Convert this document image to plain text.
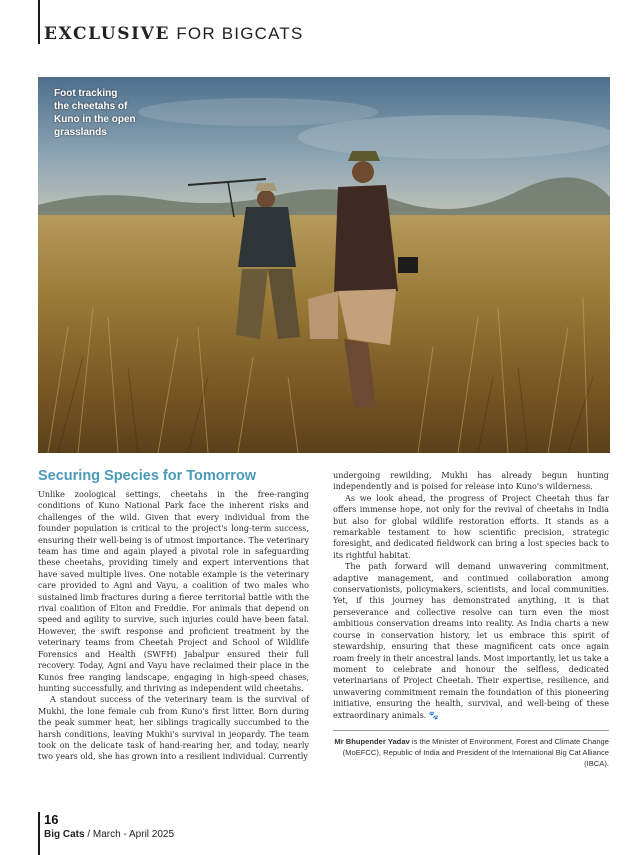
EXCLUSIVE FOR BIGCATS
Foot tracking
the cheetahs of
Kuno in the open
grasslands
Securing Species for Tomorrow

Unlike zoological settings, cheetahs in the free-ranging conditions of Kuno National Park face the inherent risks and challenges of the wild. Given that every individual from the founder population is critical to the project's long-term success, ensuring their well-being is of utmost importance. The veterinary team has time and again played a pivotal role in safeguarding these cheetahs, providing timely and expert interventions that have saved multiple lives. One notable example is the veterinary care provided to Agni and Vayu, a coalition of two males who sustained limb fractures during a fierce territorial battle with the rival coalition of Elton and Freddie. For animals that depend on speed and agility to survive, such injuries could have been fatal. However, the swift response and proficient treatment by the veterinary teams from Cheetah Project and School of Wildlife Forensics and Health (SWFH) Jabalpur ensured their full recovery. Today, Agni and Vayu have reclaimed their place in the Kunos free ranging landscape, engaging in high-speed chases, hunting successfully, and thriving as independent wild cheetahs.

A standout success of the veterinary team is the survival of Mukhi, the lone female cub from Kuno's first litter. Born during the peak summer heat, her siblings tragically succumbed to the harsh conditions, leaving Mukhi's survival in jeopardy. The team took on the delicate task of hand-rearing her, and today, nearly two years old, she has grown into a resilient individual. Currently

undergoing rewilding, Mukhi has already begun hunting independently and is poised for release into Kuno's wilderness.

As we look ahead, the progress of Project Cheetah thus far offers immense hope, not only for the revival of cheetahs in India but also for global wildlife restoration efforts. It stands as a remarkable testament to how scientific precision, strategic foresight, and dedicated fieldwork can bring a lost species back to its rightful habitat.

The path forward will demand unwavering commitment, adaptive management, and continued collaboration among conservationists, policymakers, scientists, and local communities. Yet, if this journey has demonstrated anything, it is that perseverance and collective resolve can turn even the most ambitious conservation dreams into reality. As India charts a new course in conservation history, let us embrace this spirit of stewardship, ensuring that these magnificent cats once again roam freely in their ancestral lands. Most importantly, let us take a moment to celebrate and honour the selfless, dedicated veterinarians of Project Cheetah. Their expertise, resilience, and unwavering commitment remain the foundation of this pioneering initiative, ensuring the health, survival, and well-being of these extraordinary animals. 🐾

Mr Bhupender Yadav is the Minister of Environment, Forest and Climate Change (MoEFCC), Republic of India and President of the International Big Cat Alliance (IBCA).

16
Big Cats / March - April 2025
